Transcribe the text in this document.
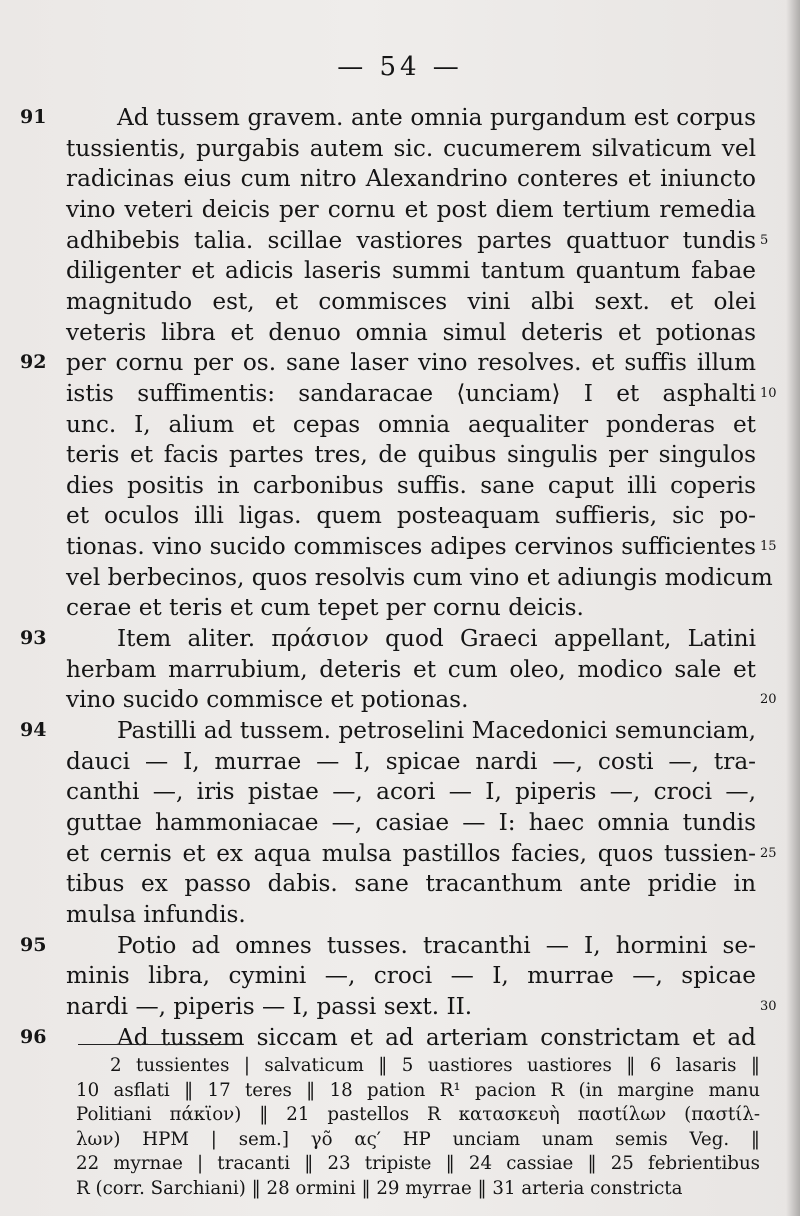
— 54 —
91	Ad tussem gravem. ante omnia purgandum est corpus
tussientis, purgabis autem sic. cucumerem silvaticum vel
radicinas eius cum nitro Alexandrino conteres et iniuncto
vino veteri deicis per cornu et post diem tertium remedia
adhibebis talia. scillae vastiores partes quattuor tundis 5
diligenter et adicis laseris summi tantum quantum fabae
magnitudo est, et commisces vini albi sext. et olei
veteris libra et denuo omnia simul deteris et potionas
92 per cornu per os. sane laser vino resolves. et suffis illum
istis suffimentis: sandaracae ⟨unciam⟩ I et asphalti 10
unc. I, alium et cepas omnia aequaliter ponderas et
teris et facis partes tres, de quibus singulis per singulos
dies positis in carbonibus suffis. sane caput illi coperis
et oculos illi ligas. quem posteaquam suffieris, sic po-
tionas. vino sucido commisces adipes cervinos sufficientes 15
vel berbecinos, quos resolvis cum vino et adiungis modicum
cerae et teris et cum tepet per cornu deicis.
93	Item aliter. πράσιον quod Graeci appellant, Latini
herbam marrubium, deteris et cum oleo, modico sale et
vino sucido commisce et potionas.	20
94	Pastilli ad tussem. petroselini Macedonici semunciam,
dauci — I, murrae — I, spicae nardi —, costi —, tra-
canthi —, iris pistae —, acori — I, piperis —, croci —,
guttae hammoniacae —, casiae — I: haec omnia tundis
et cernis et ex aqua mulsa pastillos facies, quos tussien- 25
tibus ex passo dabis. sane tracanthum ante pridie in
mulsa infundis.
95	Potio ad omnes tusses. tracanthi — I, hormini se-
minis libra, cymini —, croci — I, murrae —, spicae
nardi —, piperis — I, passi sext. II.	30
96	Ad tussem siccam et ad arteriam constrictam et ad
2 tussientes | salvaticum ‖ 5 uastiores uastiores ‖ 6 lasaris ‖
10 asflati ‖ 17 teres ‖ 18 pation R¹ pacion R (in margine manu
Politiani πάκϊον) ‖ 21 pastellos R κατασκευὴ πασtίλων (πασtίλ-
λων) HPM | sem.] γõ ας′ HP unciam unam semis Veg. ‖
22 myrnae | tracanti ‖ 23 tripiste ‖ 24 cassiae ‖ 25 febrientibus
R (corr. Sarchiani) ‖ 28 ormini ‖ 29 myrrae ‖ 31 arteria constricta
